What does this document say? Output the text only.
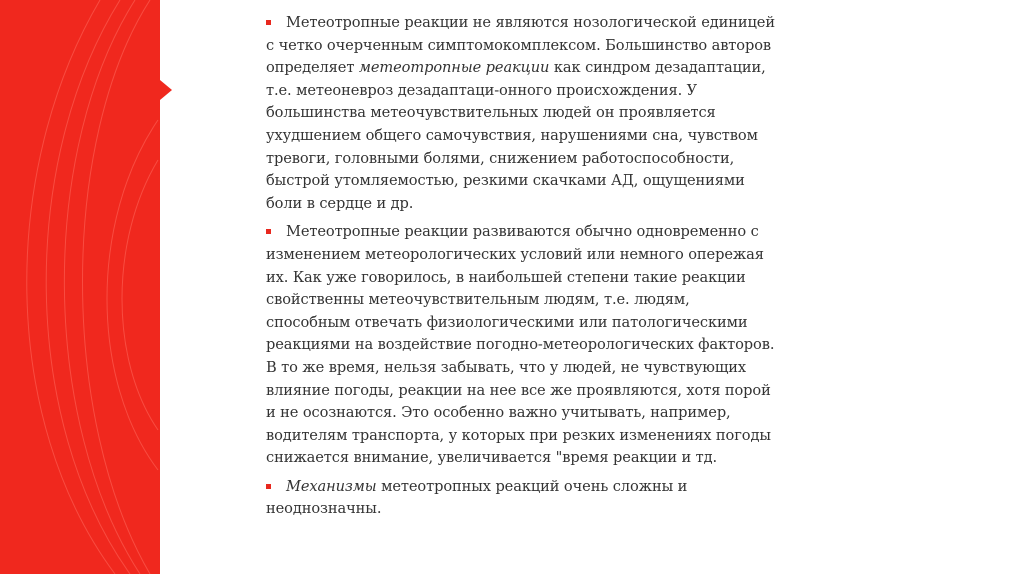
Метеотропные реакции не являются нозологической единицей с четко очерченным симптомокомплексом. Большинство авторов определяет метеотропные реакции как синдром дезадаптации, т.е. метеоневроз дезадаптаци-онного происхождения. У большинства метеочувствительных людей он проявляется ухудшением общего самочувствия, нарушениями сна, чувством тревоги, головными болями, снижением работоспособности, быстрой утомляемостью, резкими скачками АД, ощущениями боли в сердце и др.

Метеотропные реакции развиваются обычно одновременно с изменением метеорологических условий или немного опережая их. Как уже говорилось, в наибольшей степени такие реакции свойственны метеочувствительным людям, т.е. людям, способным отвечать физиологическими или патологическими реакциями на воздействие погодно-метеорологических факторов. В то же время, нельзя забывать, что у людей, не чувствующих влияние погоды, реакции на нее все же проявляются, хотя порой и не осознаются. Это особенно важно учитывать, например, водителям транспорта, у которых при резких изменениях погоды снижается внимание, увеличивается "время реакции и тд.

Механизмы метеотропных реакций очень сложны и неоднозначны.
